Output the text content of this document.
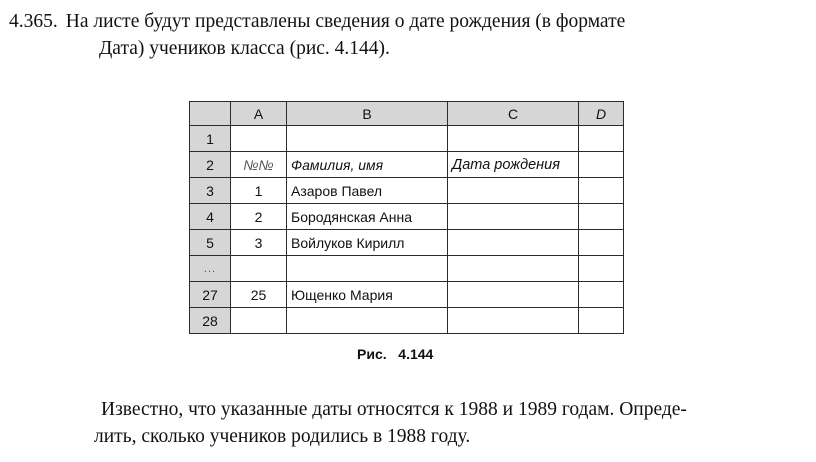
4.365. На листе будут представлены сведения о дате рождения (в формате
Дата) учеников класса (рис. 4.144).
	A	B	C	D
1				
2	№№	Фамилия, имя	Дата рождения	
3	1	Азаров Павел		
4	2	Бородянская Анна		
5	3	Войлуков Кирилл		
...				
27	25	Ющенко Мария		
28				
Рис.   4.144
Известно, что указанные даты относятся к 1988 и 1989 годам. Опреде-
лить, сколько учеников родились в 1988 году.
